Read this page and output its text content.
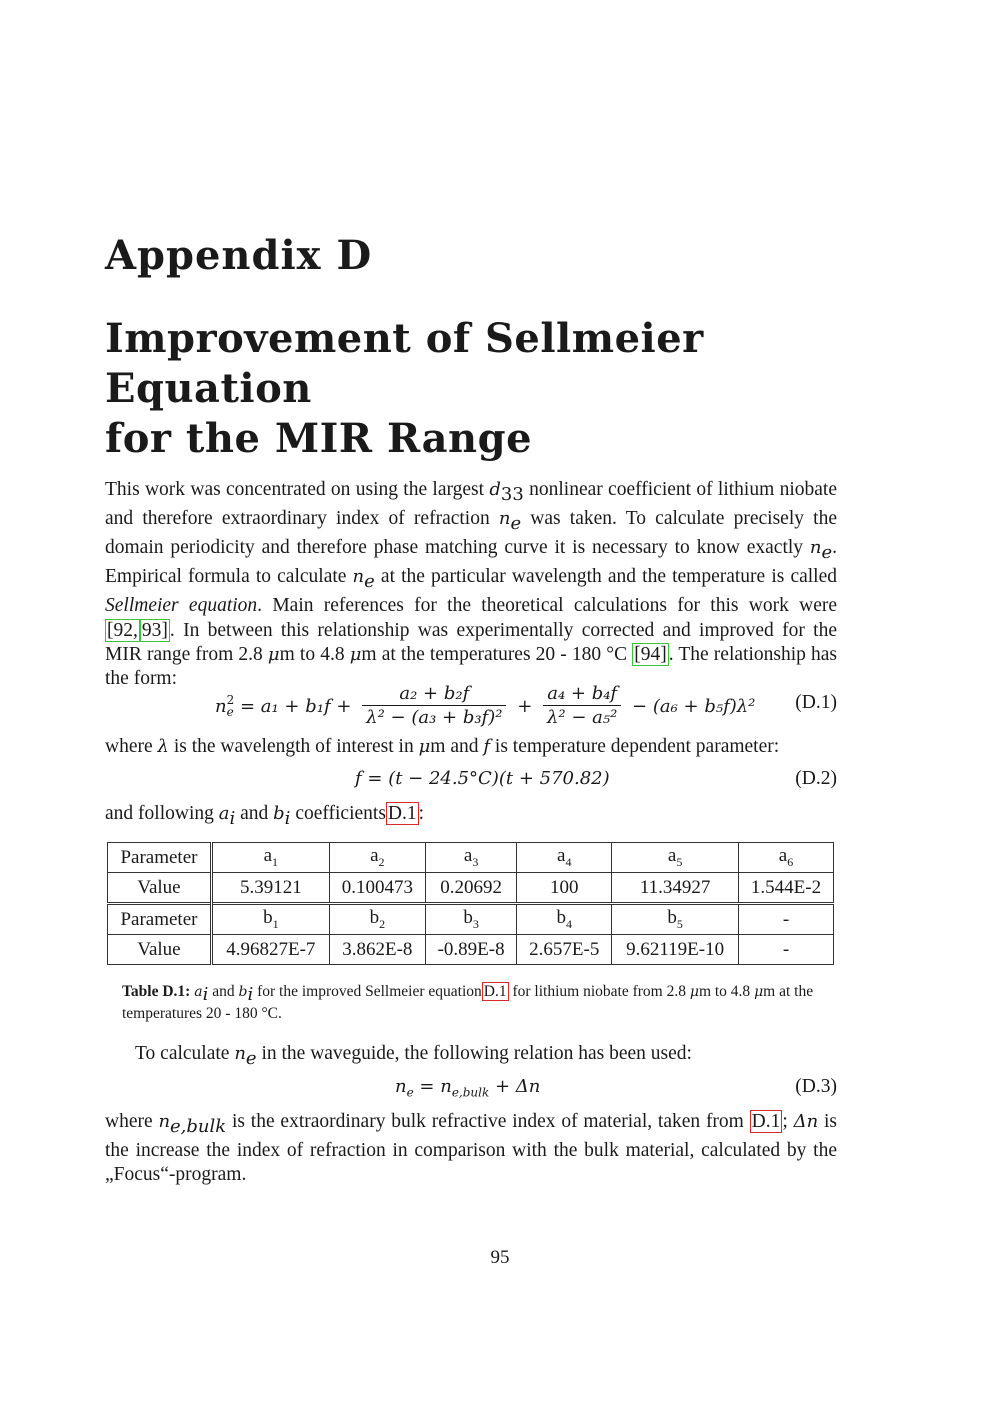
Appendix D
Improvement of Sellmeier Equation
for the MIR Range
This work was concentrated on using the largest $d_{33}$ nonlinear coefficient of lithium niobate and therefore extraordinary index of refraction $n_e$ was taken. To calculate precisely the domain periodicity and therefore phase matching curve it is necessary to know exactly $n_e$. Empirical formula to calculate $n_e$ at the particular wavelength and the temperature is called Sellmeier equation. Main references for the theoretical calculations for this work were [92, 93] . In between this relationship was experimentally corrected and improved for the MIR range from 2.8 μm to 4.8 μm at the temperatures 20 - 180 °C [94] . The relationship has the form:
n 2
$e = a_1 + b_1f + \frac{\text{a₂ + b₂f}}{\text{λ² − (a₃ + b₃f)²}} + \frac{\text{a₄ + b₄f}}{\text{λ² − a₅²}} - (a_6 + b_5f)\lambda^2$ (D.1)
where λ is the wavelength of interest in μm and f is temperature dependent parameter:
f = (t − 24.5°C)(t + 570.82)	(D.2)
and following $a_i$ and $b_i$ coefficients D.1 :
Parameter	$a_1$	$a_2$	$a_3$	$a_4$	$a_5$	$a_6$
Value	5.39121	0.100473	0.20692	100	11.34927	1.544E-2
Parameter	$b_1$	$b_2$	$b_3$	$b_4$	$b_5$	-
Value	4.96827E-7	3.862E-8	-0.89E-8	2.657E-5	9.62119E-10	-
Table D.1: $a_i$ and $b_i$ for the improved Sellmeier equation D.1 for lithium niobate from 2.8 μm to 4.8 μm at the temperatures 20 - 180 °C.
To calculate $n_e$ in the waveguide, the following relation has been used:
$n_e = n_{e,bulk} + \Delta n$	(D.3)
where $n_{e,bulk}$ is the extraordinary bulk refractive index of material, taken from D.1 ; Δn is the increase the index of refraction in comparison with the bulk material, calculated by the „Focus“-program.
95
